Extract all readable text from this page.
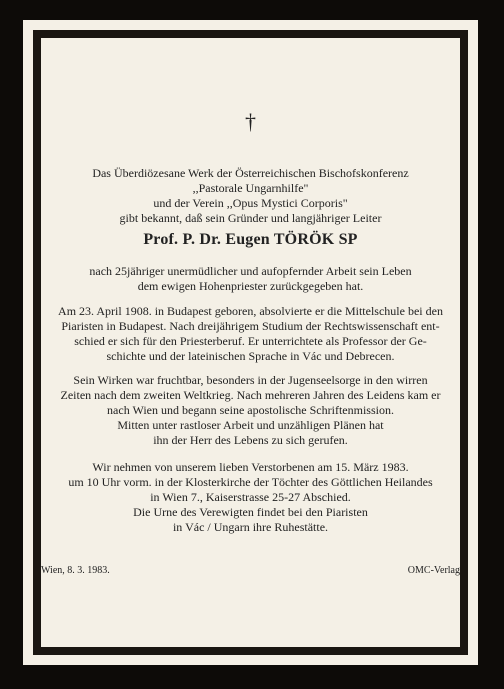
†

Das Überdiözesane Werk der Österreichischen Bischofskonferenz

,,Pastorale Ungarnhilfe"

und der Verein ,,Opus Mystici Corporis"

gibt bekannt, daß sein Gründer und langjähriger Leiter

Prof. P. Dr. Eugen TÖRÖK SP

nach 25jähriger unermüdlicher und aufopfernder Arbeit sein Leben

dem ewigen Hohenpriester zurückgegeben hat.

Am 23. April 1908. in Budapest geboren, absolvierte er die Mittelschule bei den

Piaristen in Budapest. Nach dreijährigem Studium der Rechtswissenschaft ent-

schied er sich für den Priesterberuf. Er unterrichtete als Professor der Ge-

schichte und der lateinischen Sprache in Vác und Debrecen.

Sein Wirken war fruchtbar, besonders in der Jugenseelsorge in den wirren

Zeiten nach dem zweiten Weltkrieg. Nach mehreren Jahren des Leidens kam er

nach Wien und begann seine apostolische Schriftenmission.

Mitten unter rastloser Arbeit und unzähligen Plänen hat

ihn der Herr des Lebens zu sich gerufen.

Wir nehmen von unserem lieben Verstorbenen am 15. März 1983.

um 10 Uhr vorm. in der Klosterkirche der Töchter des Göttlichen Heilandes

in Wien 7., Kaiserstrasse 25-27 Abschied.

Die Urne des Verewigten findet bei den Piaristen

in Vác / Ungarn ihre Ruhestätte.

Wien, 8. 3. 1983.	OMC-Verlag
